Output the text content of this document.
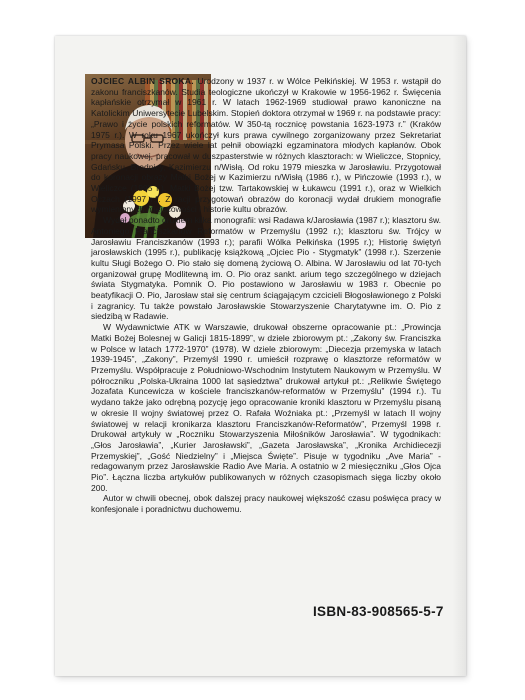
OJCIEC ALBIN SROKA. Urodzony w 1937 r. w Wólce Pełkińskiej. W 1953 r. wstąpił do zakonu franciszkanów. Studia teologiczne ukończył w Krakowie w 1956-1962 r. Święcenia kapłańskie otrzymał w 1961 r. W latach 1962-1969 studiował prawo kanoniczne na Katolickim Uniwersytecie Lubelskim. Stopień doktora otrzymał w 1969 r. na podstawie pracy: „Prawo i życie polskich reformatów. W 350-tą rocznicę powstania 1623-1973 r.” (Kraków 1975 r.). W roku 1967 ukończył kurs prawa cywilnego zorganizowany przez Sekretariat Prymasa Polski. Przez wiele lat pełnił obowiązki egzaminatora młodych kapłanów. Obok pracy naukowej, pracował w duszpasterstwie w różnych klasztorach: w Wieliczce, Stopnicy, Gdańsku, Brodnicy, Kazimierzu n/Wisłą. Od roku 1979 mieszka w Jarosławiu. Przygotował do koronacji obrazy Matki Bożej w Kazimierzu n/Wisłą (1986 r.), w Pińczowie (1993 r.), w Wieliczce (1995 r.), Matki Bożej tzw. Tartakowskiej w Łukawcu (1991 r.), oraz w Wielkich Oczach (1997 r.). Z racji przygotowań obrazów do koronacji wydał drukiem monografie wymienionych miejscowości i historie kultu obrazów.

Wydał ponadto drukiem kilka monografii: wsi Radawa k/Jarosławia (1987 r.); klasztoru św. Antoniego Franciszkanów Reformatów w Przemyślu (1992 r.); klasztoru św. Trójcy w Jarosławiu Franciszkanów (1993 r.); parafii Wólka Pełkińska (1995 r.); Historię świętyń jarosławskich (1995 r.), publikację książkową „Ojciec Pio - Stygmatyk” (1998 r.). Szerzenie kultu Sługi Bożego O. Pio stało się domeną życiową O. Albina. W Jarosławiu od lat 70-tych organizował grupę Modlitewną im. O. Pio oraz sankt. arium tego szczególnego w dziejach świata Stygmatyka. Pomnik O. Pio postawiono w Jarosławiu w 1983 r. Obecnie po beatyfikacji O. Pio, Jarosław stał się centrum ściągającym czcicieli Błogosławionego z Polski i zagranicy. Tu także powstało Jarosławskie Stowarzyszenie Charytatywne im. O. Pio z siedzibą w Radawie.

W Wydawnictwie ATK w Warszawie, drukował obszerne opracowanie pt.: „Prowincja Matki Bożej Bolesnej w Galicji 1815-1899”, w dziele zbiorowym pt.: „Zakony św. Franciszka w Polsce w latach 1772-1970” (1978). W dziele zbiorowym: „Diecezja przemyska w latach 1939-1945”, „Zakony”, Przemyśl 1990 r. umieścił rozprawę o klasztorze reformatów w Przemyślu. Współpracuje z Południowo-Wschodnim Instytutem Naukowym w Przemyślu. W półroczniku „Polska-Ukraina 1000 lat sąsiedztwa” drukował artykuł pt.: „Relikwie Świętego Jozafata Kuncewicza w kościele franciszkanów-reformatów w Przemyślu” (1994 r.). Tu wydano także jako odrębną pozycję jego opracowanie kroniki klasztoru w Przemyślu pisaną w okresie II wojny światowej przez O. Rafała Woźniaka pt.: „Przemyśl w latach II wojny światowej w relacji kronikarza klasztoru Franciszkanów-Reformatów”, Przemyśl 1998 r. Drukował artykuły w „Roczniku Stowarzyszenia Miłośników Jarosławia”. W tygodnikach: „Głos Jarosławia”, „Kurier Jarosławski”, „Gazeta Jarosławska”, „Kronika Archidiecezji Przemyskiej”, „Gość Niedzielny” i „Miejsca Święte”. Pisuje w tygodniku „Ave Maria” - redagowanym przez Jarosławskie Radio Ave Maria. A ostatnio w 2 miesięczniku „Głos Ojca Pio”. Łączna liczba artykułów publikowanych w różnych czasopismach sięga liczby około 200.

Autor w chwili obecnej, obok dalszej pracy naukowej większość czasu poświęca pracy w konfesjonale i poradnictwu duchowemu.

ISBN-83-908565-5-7
